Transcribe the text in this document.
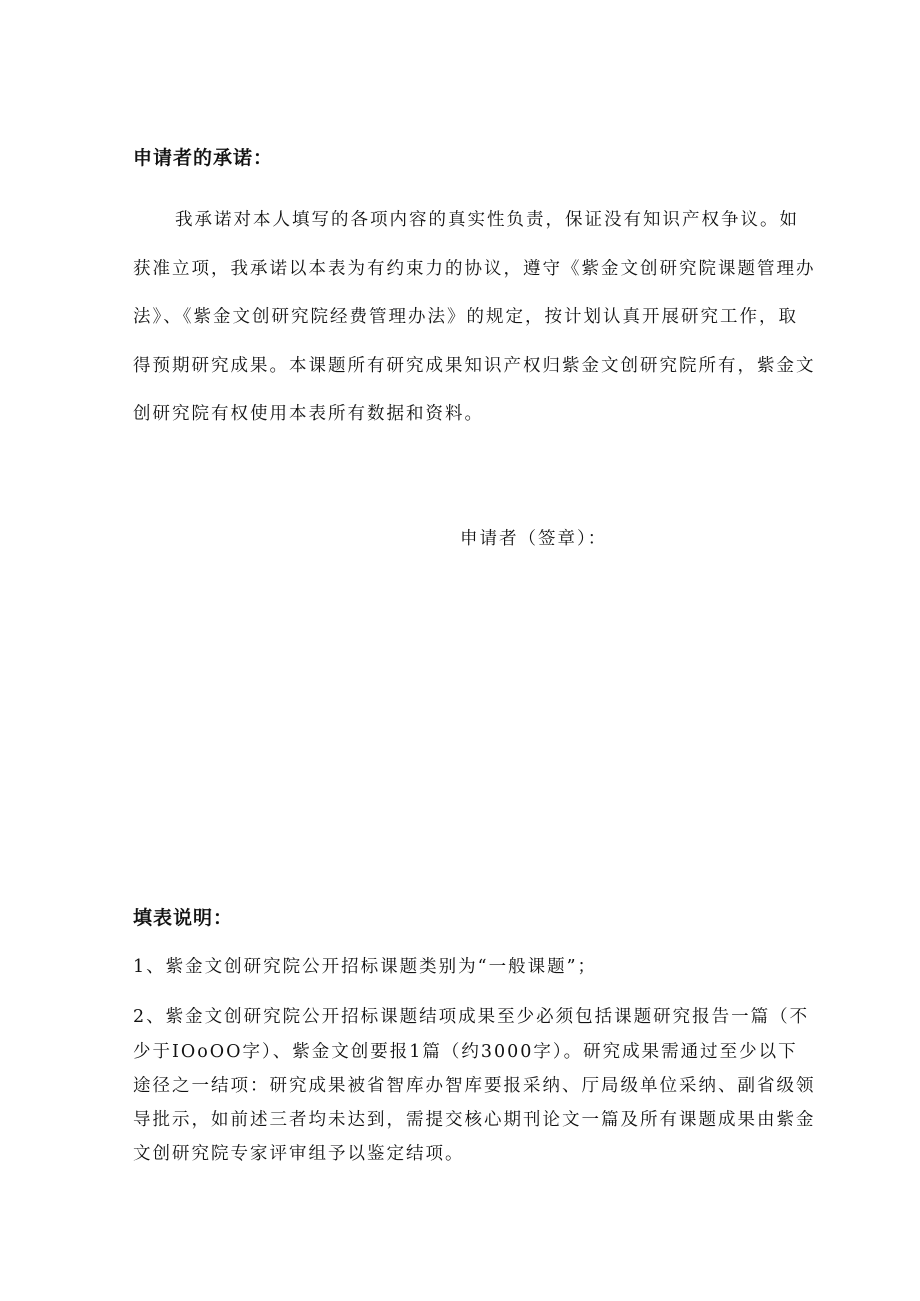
申请者的承诺：
我承诺对本人填写的各项内容的真实性负责，保证没有知识产权争议。如
获准立项，我承诺以本表为有约束力的协议，遵守《紫金文创研究院课题管理办
法》、《紫金文创研究院经费管理办法》的规定，按计划认真开展研究工作，取
得预期研究成果。本课题所有研究成果知识产权归紫金文创研究院所有，紫金文
创研究院有权使用本表所有数据和资料。
申请者（签章）：
填表说明：
1、紫金文创研究院公开招标课题类别为“一般课题”；
2、紫金文创研究院公开招标课题结项成果至少必须包括课题研究报告一篇（不
少于IOoOO字）、紫金文创要报1篇（约3000字）。研究成果需通过至少以下
途径之一结项：研究成果被省智库办智库要报采纳、厅局级单位采纳、副省级领
导批示，如前述三者均未达到，需提交核心期刊论文一篇及所有课题成果由紫金
文创研究院专家评审组予以鉴定结项。
